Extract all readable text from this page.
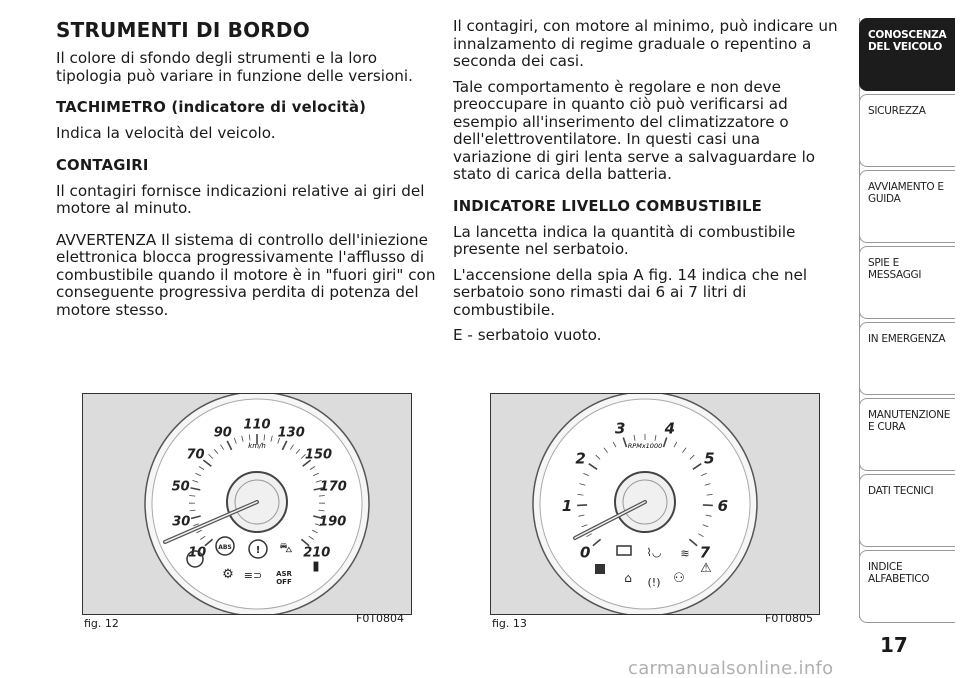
STRUMENTI DI BORDO

Il colore di sfondo degli strumenti e la loro tipologia può variare in funzione delle versioni.

TACHIMETRO (indicatore di velocità)

Indica la velocità del veicolo.

CONTAGIRI

Il contagiri fornisce indicazioni relative ai giri del motore al minuto.

AVVERTENZA Il sistema di controllo dell'iniezione elettronica blocca progressivamente l'afflusso di combustibile quando il motore è in "fuori giri" con conseguente progressiva perdita di potenza del motore stesso.

Il contagiri, con motore al minimo, può indicare un innalzamento di regime graduale o repentino a seconda dei casi.

Tale comportamento è regolare e non deve preoccupare in quanto ciò può verificarsi ad esempio all'inserimento del climatizzatore o dell'elettroventilatore. In questi casi una variazione di giri lenta serve a salvaguardare lo stato di carica della batteria.

INDICATORE LIVELLO COMBUSTIBILE

La lancetta indica la quantità di combustibile presente nel serbatoio.

L'accensione della spia A fig. 14 indica che nel serbatoio sono rimasti dai 6 ai 7 litri di combustibile.

E - serbatoio vuoto.

10
30
50
70
90
110
130
150
170
190
210
km/h
ABS ! ⛍
▮
⚙ ≡⊃ ASR
OFF
fig. 12	F0T0804
0
1
2
3	4
5
6
7
RPMx1000
⌇◡ ≋
⌂ (!) ⚇
⚠
fig. 13	F0T0805
CONOSCENZA DEL VEICOLO
SICUREZZA
AVVIAMENTO E GUIDA
SPIE E MESSAGGI
IN EMERGENZA
MANUTENZIONE E CURA
DATI TECNICI
INDICE ALFABETICO
17
carmanualsonline.info
